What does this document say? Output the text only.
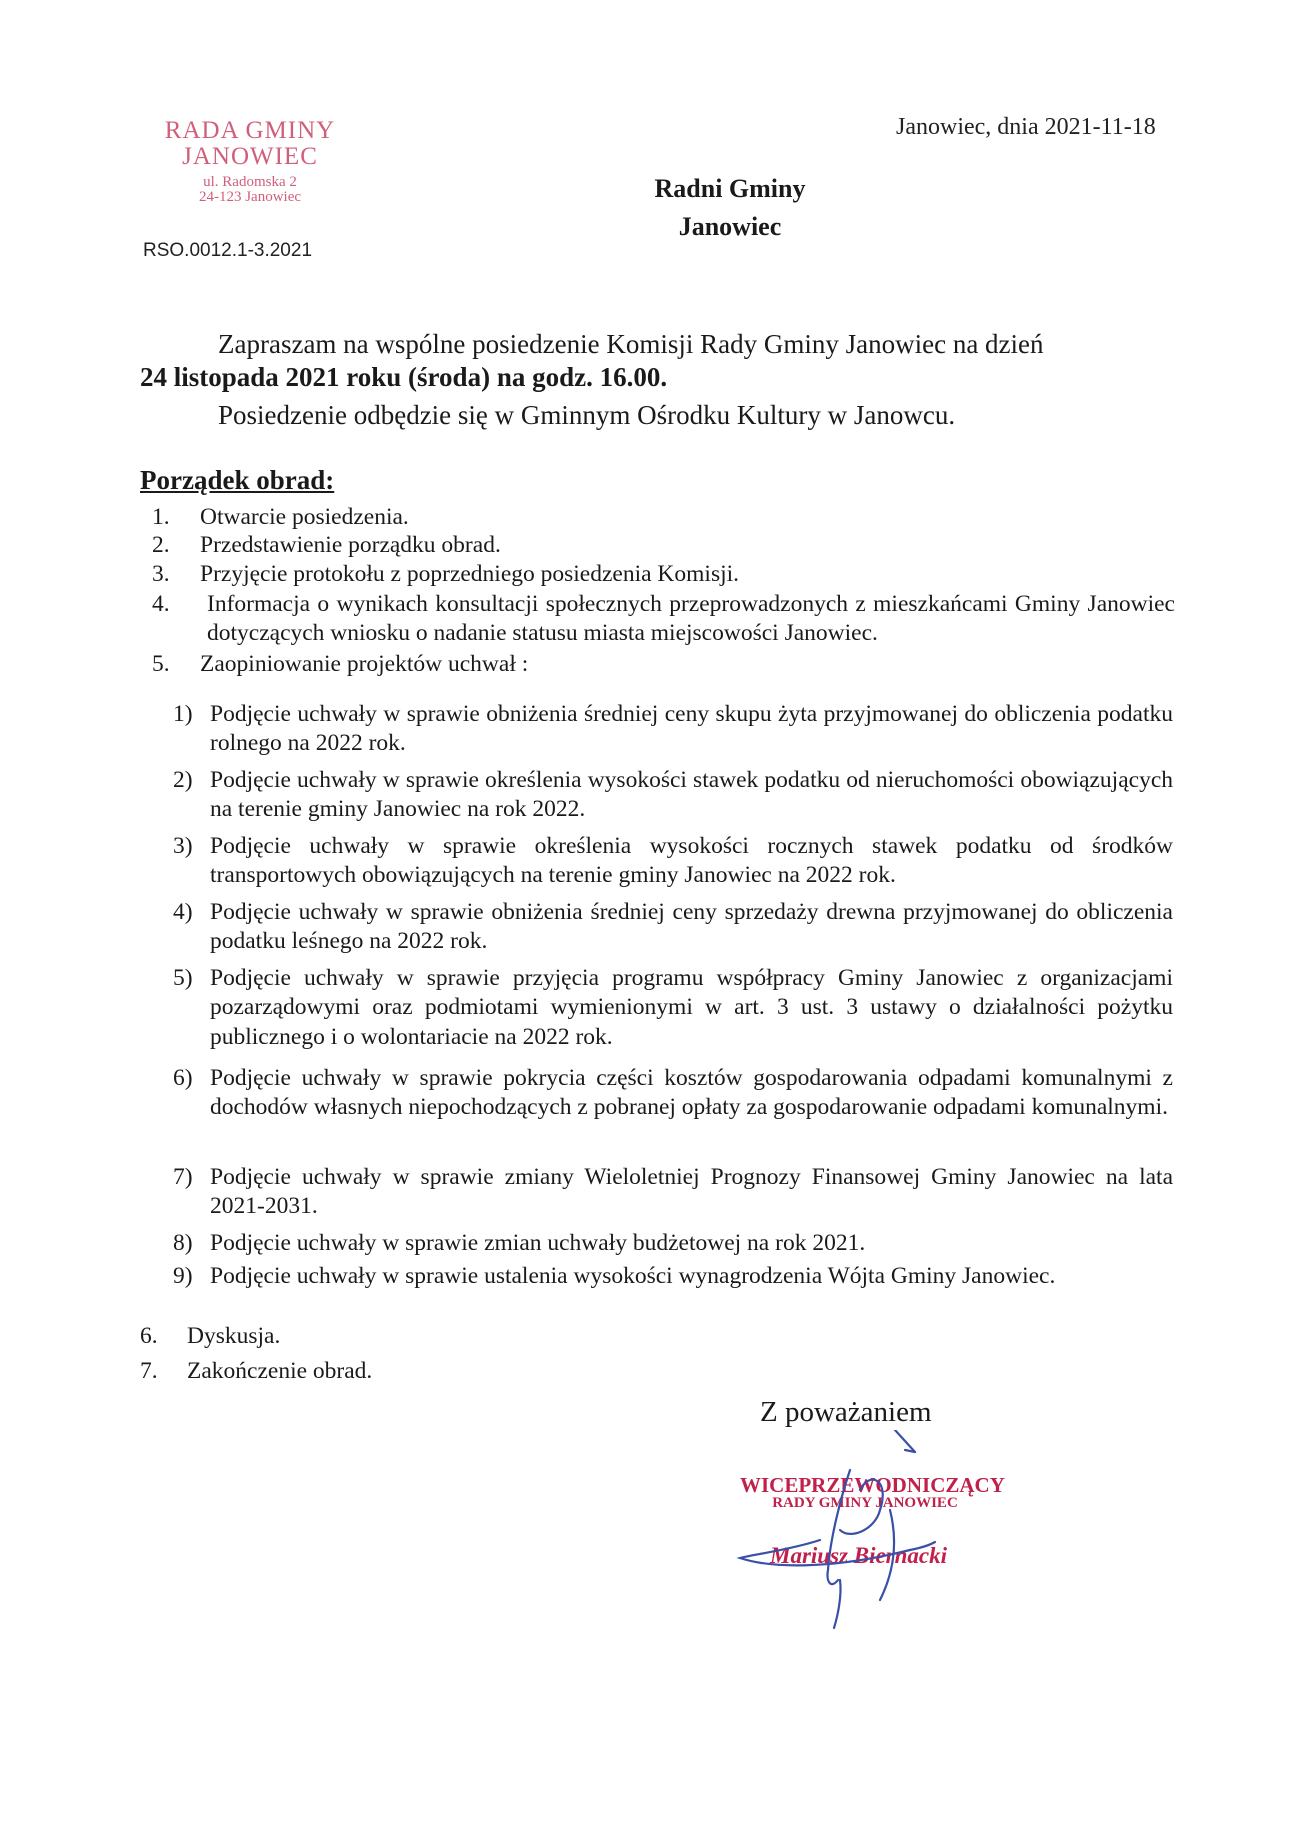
RADA GMINY
JANOWIEC
ul. Radomska 2
24-123 Janowiec
RSO.0012.1-3.2021
Janowiec, dnia 2021-11-18
Radni Gminy
Janowiec
Zapraszam na wspólne posiedzenie Komisji Rady Gminy Janowiec na dzień
24 listopada 2021 roku (środa) na godz. 16.00.
Posiedzenie odbędzie się w Gminnym Ośrodku Kultury w Janowcu.
Porządek obrad:
1. Otwarcie posiedzenia.
2. Przedstawienie porządku obrad.
3. Przyjęcie protokołu z poprzedniego posiedzenia Komisji.
4. Informacja o wynikach konsultacji społecznych przeprowadzonych z mieszkańcami Gminy Janowiec dotyczących wniosku o nadanie statusu miasta miejscowości Janowiec.
5. Zaopiniowanie projektów uchwał :
1) Podjęcie uchwały w sprawie obniżenia średniej ceny skupu żyta przyjmowanej do obliczenia podatku rolnego na 2022 rok.
2) Podjęcie uchwały w sprawie określenia wysokości stawek podatku od nieruchomości obowiązujących na terenie gminy Janowiec na rok 2022.
3) Podjęcie uchwały w sprawie określenia wysokości rocznych stawek podatku od środków transportowych obowiązujących na terenie gminy Janowiec na 2022 rok.
4) Podjęcie uchwały w sprawie obniżenia średniej ceny sprzedaży drewna przyjmowanej do obliczenia podatku leśnego na 2022 rok.
5) Podjęcie uchwały w sprawie przyjęcia programu współpracy Gminy Janowiec z organizacjami pozarządowymi oraz podmiotami wymienionymi w art. 3 ust. 3 ustawy o działalności pożytku publicznego i o wolontariacie na 2022 rok.
6) Podjęcie uchwały w sprawie pokrycia części kosztów gospodarowania odpadami komunalnymi z dochodów własnych niepochodzących z pobranej opłaty za gospodarowanie odpadami komunalnymi.
7) Podjęcie uchwały w sprawie zmiany Wieloletniej Prognozy Finansowej Gminy Janowiec na lata 2021-2031.
8) Podjęcie uchwały w sprawie zmian uchwały budżetowej na rok 2021.
9) Podjęcie uchwały w sprawie ustalenia wysokości wynagrodzenia Wójta Gminy Janowiec.
6. Dyskusja.
7. Zakończenie obrad.
Z poważaniem
WICEPRZEWODNICZĄCY
RADY GMINY JANOWIEC
Mariusz Biernacki
